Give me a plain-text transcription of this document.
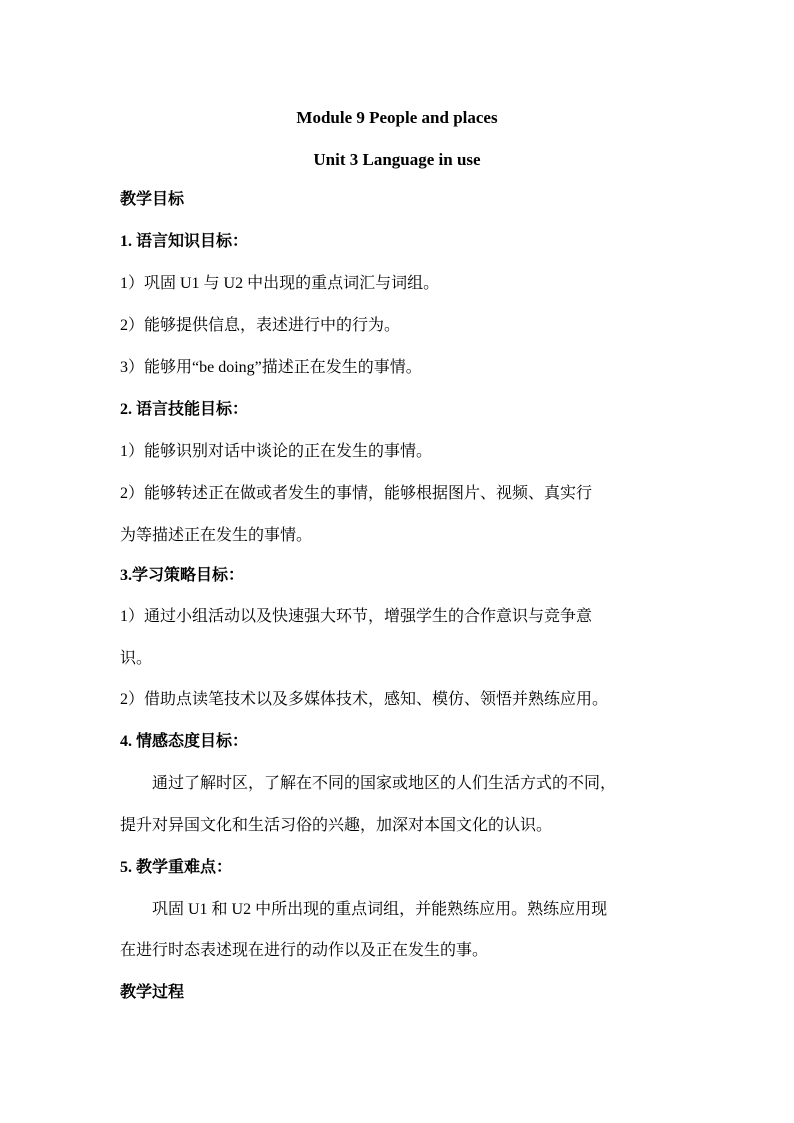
Module 9 People and places
Unit 3 Language in use
教学目标
1. 语言知识目标：
1）巩固 U1 与 U2 中出现的重点词汇与词组。
2）能够提供信息，表述进行中的行为。
3）能够用“be doing”描述正在发生的事情。
2. 语言技能目标：
1）能够识别对话中谈论的正在发生的事情。
2）能够转述正在做或者发生的事情，能够根据图片、视频、真实行
为等描述正在发生的事情。
3.学习策略目标：
1）通过小组活动以及快速强大环节，增强学生的合作意识与竞争意
识。
2）借助点读笔技术以及多媒体技术，感知、模仿、领悟并熟练应用。
4. 情感态度目标：
通过了解时区，了解在不同的国家或地区的人们生活方式的不同，
提升对异国文化和生活习俗的兴趣，加深对本国文化的认识。
5. 教学重难点：
巩固 U1 和 U2 中所出现的重点词组，并能熟练应用。熟练应用现
在进行时态表述现在进行的动作以及正在发生的事。
教学过程
